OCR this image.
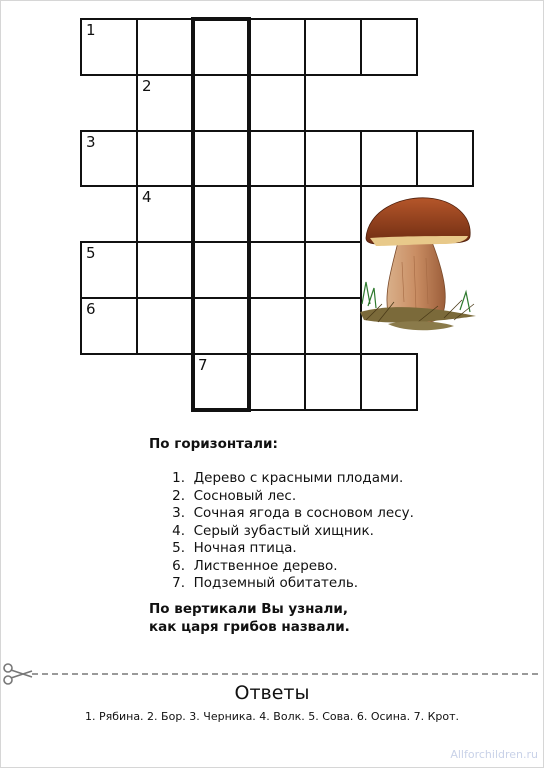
1
2
3
4
5
6
7

По горизонтали:

1. Дерево с красными плодами.
2. Сосновый лес.
3. Сочная ягода в сосновом лесу.
4. Серый зубастый хищник.
5. Ночная птица.
6. Лиственное дерево.
7. Подземный обитатель.

По вертикали Вы узнали,
как царя грибов назвали.

Ответы

1. Рябина. 2. Бор. 3. Черника. 4. Волк. 5. Сова. 6. Осина. 7. Крот.

Allforchildren.ru
